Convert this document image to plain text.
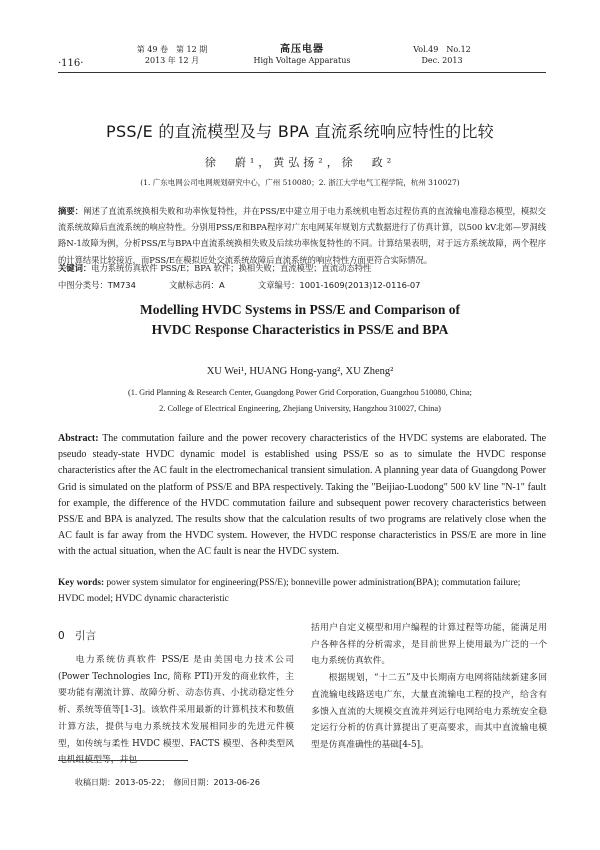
·116·
第 49 卷　第 12 期
2013 年 12 月
高压电器
High Voltage Apparatus
Vol.49　No.12
Dec. 2013
PSS/E 的直流模型及与 BPA 直流系统响应特性的比较
徐　蔚¹，黄弘扬²，徐　政²
(1. 广东电网公司电网规划研究中心，广州 510080；2. 浙江大学电气工程学院，杭州 310027)
摘要：阐述了直流系统换相失败和功率恢复特性，并在PSS/E中建立用于电力系统机电暂态过程仿真的直流输电准稳态模型，模拟交流系统故障后直流系统的响应特性。分别用PSS/E和BPA程序对广东电网某年规划方式数据进行了仿真计算，以500 kV北郊—罗洞线路N-1故障为例，分析PSS/E与BPA中直流系统换相失败及后续功率恢复特性的不同。计算结果表明，对于远方系统故障，两个程序的计算结果比较接近，而PSS/E在模拟近处交流系统故障后直流系统的响应特性方面更符合实际情况。
关键词：电力系统仿真软件 PSS/E；BPA 软件；换相失败；直流模型；直流动态特性
中图分类号：TM734	文献标志码：A	文章编号：1001-1609(2013)12-0116-07
Modelling HVDC Systems in PSS/E and Comparison of HVDC Response Characteristics in PSS/E and BPA
XU Wei¹, HUANG Hong-yang², XU Zheng²
(1. Grid Planning & Research Center, Guangdong Power Grid Corporation, Guangzhou 510080, China;
2. College of Electrical Engineering, Zhejiang University, Hangzhou 310027, China)
Abstract: The commutation failure and the power recovery characteristics of the HVDC systems are elaborated. The pseudo steady-state HVDC dynamic model is established using PSS/E so as to simulate the HVDC response characteristics after the AC fault in the electromechanical transient simulation. A planning year data of Guangdong Power Grid is simulated on the platform of PSS/E and BPA respectively. Taking the "Beijiao-Luodong" 500 kV line "N-1" fault for example, the difference of the HVDC commutation failure and subsequent power recovery characteristics between PSS/E and BPA is analyzed. The results show that the calculation results of two programs are relatively close when the AC fault is far away from the HVDC system. However, the HVDC response characteristics in PSS/E are more in line with the actual situation, when the AC fault is near the HVDC system.
Key words: power system simulator for engineering(PSS/E); bonneville power administration(BPA); commutation failure; HVDC model; HVDC dynamic characteristic
0　引言
电力系统仿真软件 PSS/E 是由美国电力技术公司(Power Technologies Inc, 简称 PTI)开发的商业软件，主要功能有潮流计算、故障分析、动态仿真、小扰动稳定性分析、系统等值等[1-3]。该软件采用最新的计算机技术和数值计算方法，提供与电力系统技术发展相同步的先进元件模型，如传统与柔性 HVDC 模型、FACTS 模型、各种类型风电机组模型等，并包
括用户自定义模型和用户编程的计算过程等功能，能满足用户各种各样的分析需求，是目前世界上使用最为广泛的一个电力系统仿真软件。
根据规划，“十二五”及中长期南方电网将陆续新建多回直流输电线路送电广东，大量直流输电工程的投产，给含有多馈入直流的大规模交直流并列运行电网给电力系统安全稳定运行分析的仿真计算提出了更高要求，而其中直流输电模型是仿真准确性的基础[4-5]。
收稿日期：2013-05-22；　修回日期：2013-06-26
